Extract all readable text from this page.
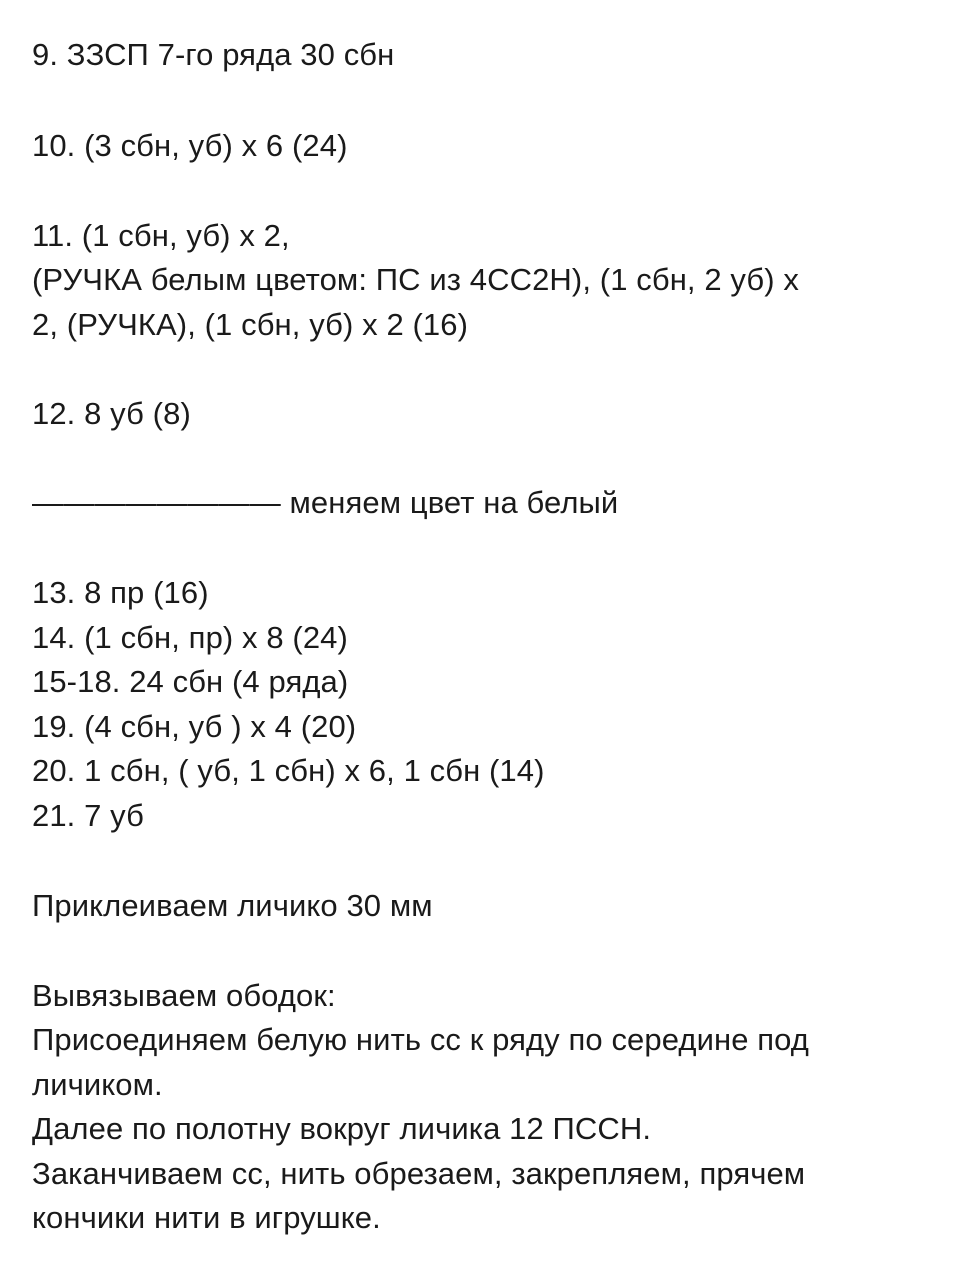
9. ЗЗСП 7-го ряда 30 сбн
10. (3 сбн, уб) х 6 (24)
11. (1 сбн, уб) х 2,
(РУЧКА белым цветом: ПС из 4СС2Н), (1 сбн, 2 уб) х
2, (РУЧКА), (1 сбн, уб) х 2 (16)
12. 8 уб (8)
———————— меняем цвет на белый
13. 8 пр (16)
14. (1 сбн, пр) х 8 (24)
15-18. 24 сбн (4 ряда)
19. (4 сбн, уб ) х 4 (20)
20. 1 сбн, ( уб, 1 сбн) х 6, 1 сбн (14)
21. 7 уб
Приклеиваем личико 30 мм
Вывязываем ободок:
Присоединяем белую нить сс к ряду по середине под
личиком.
Далее по полотну вокруг личика 12 ПССН.
Заканчиваем сс, нить обрезаем, закрепляем, прячем
кончики нити в игрушке.
